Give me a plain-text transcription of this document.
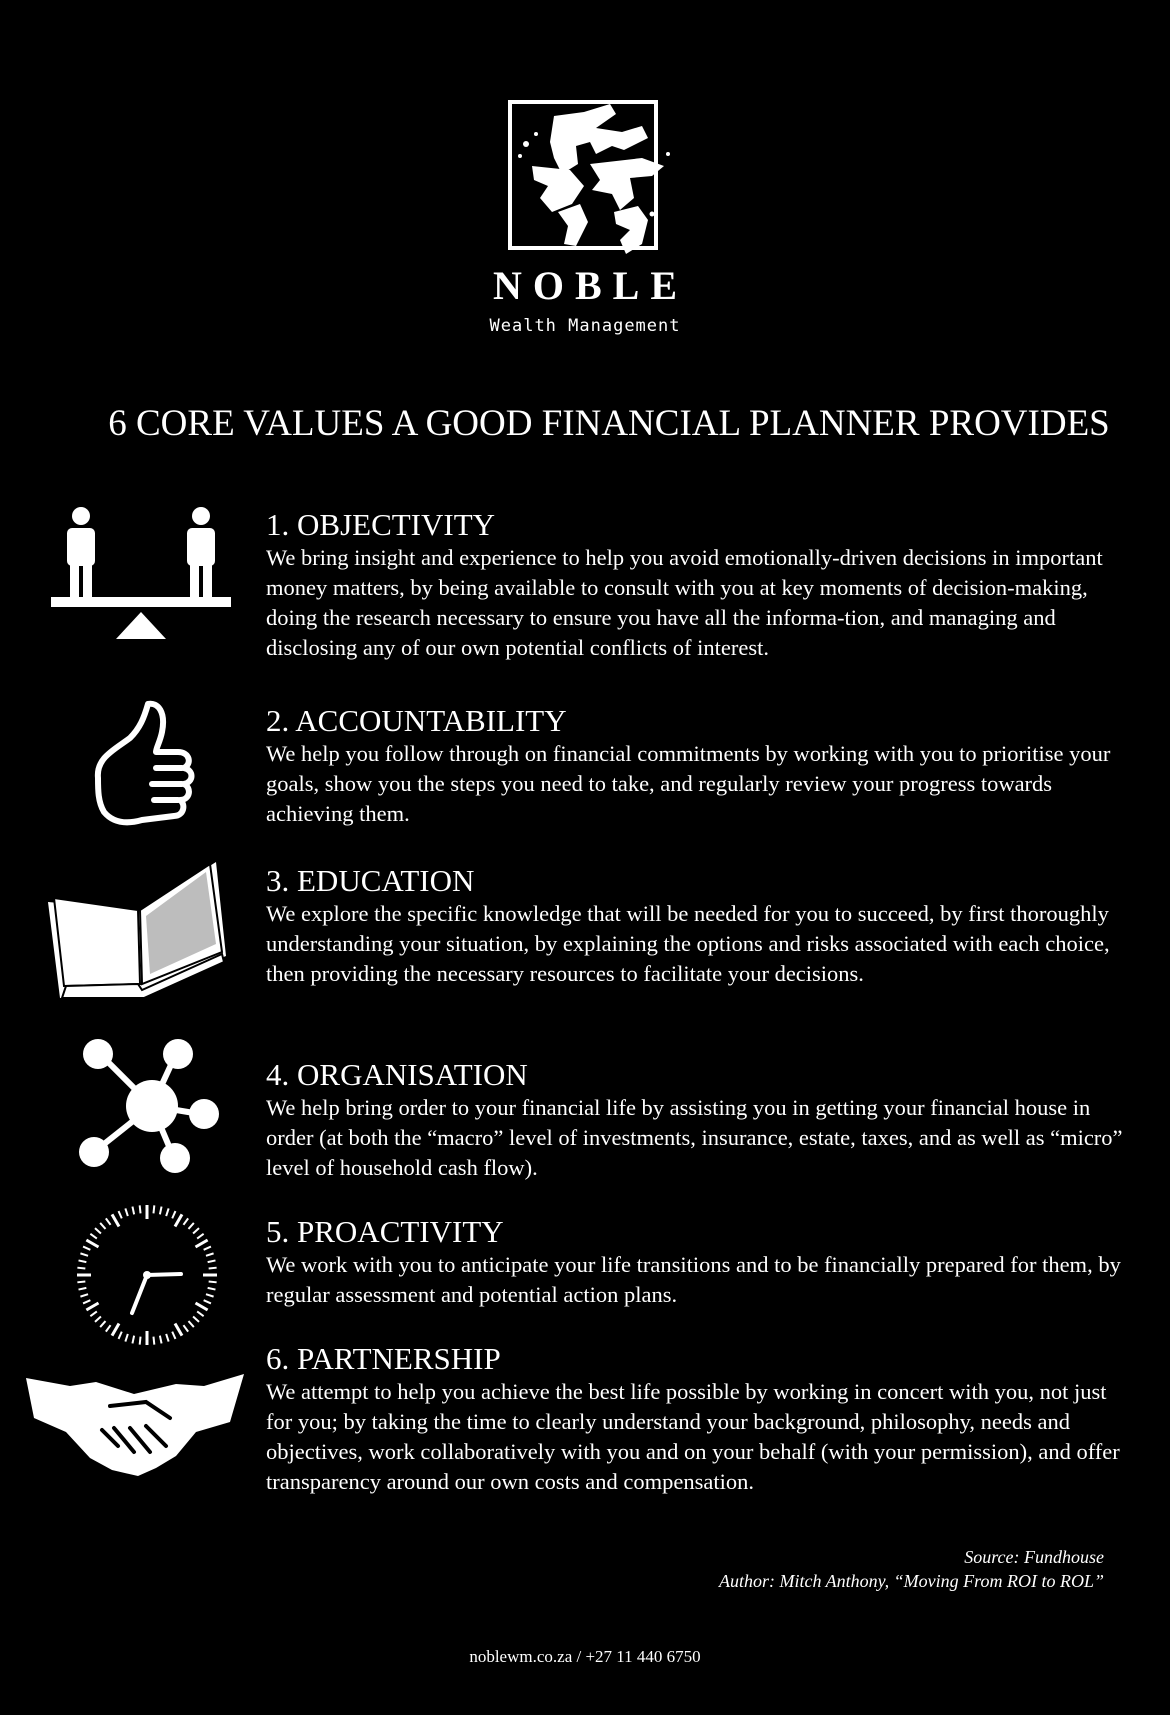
NOBLE
Wealth Management
6 CORE VALUES A GOOD FINANCIAL PLANNER PROVIDES
1. OBJECTIVITY

We bring insight and experience to help you avoid emotionally-driven decisions in important money matters, by being available to consult with you at key moments of decision-making, doing the research necessary to ensure you have all the informa-tion, and managing and disclosing any of our own potential conflicts of interest.

2. ACCOUNTABILITY

We help you follow through on financial commitments by working with you to prioritise your goals, show you the steps you need to take, and regularly review your progress towards achieving them.

3. EDUCATION

We explore the specific knowledge that will be needed for you to succeed, by first thoroughly understanding your situation, by explaining the options and risks associated with each choice, then providing the necessary resources to facilitate your decisions.

4. ORGANISATION

We help bring order to your financial life by assisting you in getting your financial house in order (at both the “macro” level of investments, insurance, estate, taxes, and as well as “micro” level of household cash flow).

5. PROACTIVITY

We work with you to anticipate your life transitions and to be financially prepared for them, by regular assessment and potential action plans.

6. PARTNERSHIP

We attempt to help you achieve the best life possible by working in concert with you, not just for you; by taking the time to clearly understand your background, philosophy, needs and objectives, work collaboratively with you and on your behalf (with your permission), and offer transparency around our own costs and compensation.

Source: Fundhouse
Author: Mitch Anthony, “Moving From ROI to ROL”
noblewm.co.za / +27 11 440 6750
